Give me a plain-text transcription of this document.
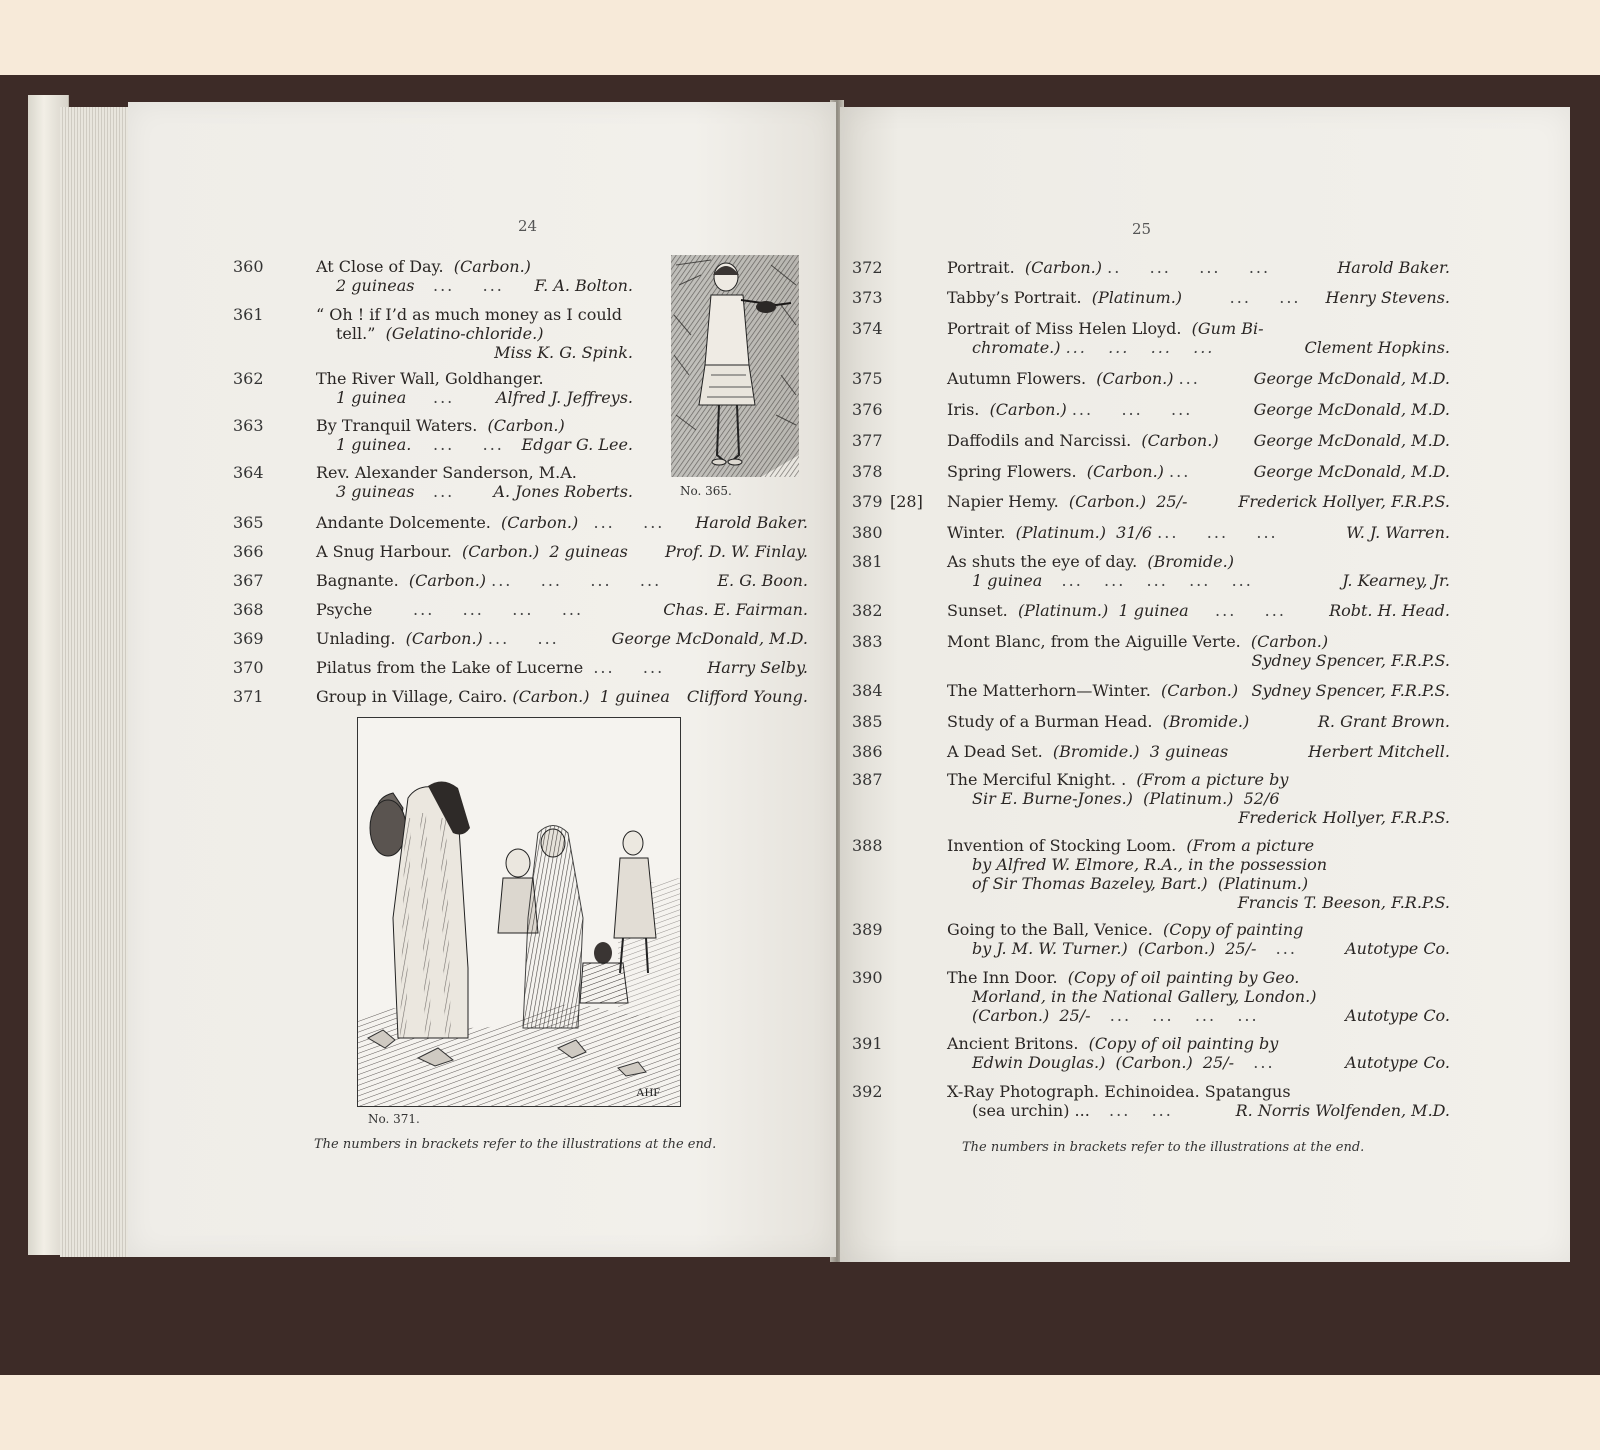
24
360	At Close of Day. (Carbon.)
2 guineas ...    ... F. A. Bolton.
361	“ Oh ! if I’d as much money as I could
tell.” (Gelatino-chloride.)
Miss K. G. Spink.
362	The River Wall, Goldhanger.
1 guinea ...	Alfred J. Jeffreys.
363	By Tranquil Waters. (Carbon.)
1 guinea. ...    ... Edgar G. Lee.
364	Rev. Alexander Sanderson, M.A.
3 guineas ... A. Jones Roberts.
365	Andante Dolcemente. (Carbon.) ...    ... Harold Baker.
366	A Snug Harbour. (Carbon.) 2 guineas Prof. D. W. Finlay.
367	Bagnante. (Carbon.) ...    ...    ...    ...	E. G. Boon.
368	Psyche	...    ...    ...    ...	Chas. E. Fairman.
369	Unlading. (Carbon.) ...    ...	George McDonald, M.D.
370	Pilatus from the Lake of Lucerne ...    ...	Harry Selby.
371	Group in Village, Cairo. (Carbon.) 1 guinea Clifford Young.
No. 365.
AHF
No. 371.
The numbers in brackets refer to the illustrations at the end.
25
372	Portrait. (Carbon.) ..    ...    ...    ...	Harold Baker.
373	Tabby’s Portrait. (Platinum.)       ...    ... Henry Stevens.
374	Portrait of Miss Helen Lloyd. (Gum Bi-
chromate.) ...   ...   ...   ...	Clement Hopkins.
375	Autumn Flowers. (Carbon.) ...	George McDonald, M.D.
376	Iris. (Carbon.) ...    ...    ...	George McDonald, M.D.
377	Daffodils and Narcissi. (Carbon.) George McDonald, M.D.
378	Spring Flowers. (Carbon.) ...	George McDonald, M.D.
379 [28] Napier Hemy. (Carbon.) 25/-	Frederick Hollyer, F.R.P.S.
380	Winter. (Platinum.) 31/6 ...    ...    ...	W. J. Warren.
381	As shuts the eye of day. (Bromide.)
1 guinea   ...   ...   ...   ...   ...	J. Kearney, Jr.
382	Sunset. (Platinum.) 1 guinea    ...    ...	Robt. H. Head.
383	Mont Blanc, from the Aiguille Verte. (Carbon.)
Sydney Spencer, F.R.P.S.
384	The Matterhorn—Winter. (Carbon.) Sydney Spencer, F.R.P.S.
385	Study of a Burman Head. (Bromide.)	R. Grant Brown.
386	A Dead Set. (Bromide.) 3 guineas	Herbert Mitchell.
387	The Merciful Knight. . (From a picture by
Sir E. Burne-Jones.) (Platinum.) 52/6
Frederick Hollyer, F.R.P.S.
388	Invention of Stocking Loom. (From a picture
by Alfred W. Elmore, R.A., in the possession
of Sir Thomas Bazeley, Bart.) (Platinum.)
Francis T. Beeson, F.R.P.S.
389	Going to the Ball, Venice. (Copy of painting
by J. M. W. Turner.) (Carbon.) 25/-   ...	Autotype Co.
390	The Inn Door. (Copy of oil painting by Geo.
Morland, in the National Gallery, London.)
(Carbon.) 25/-   ...   ...   ...   ...	Autotype Co.
391	Ancient Britons. (Copy of oil painting by
Edwin Douglas.) (Carbon.) 25/-   ...	Autotype Co.
392	X-Ray Photograph. Echinoidea. Spatangus
(sea urchin) ...   ...   ...	R. Norris Wolfenden, M.D.
The numbers in brackets refer to the illustrations at the end.
